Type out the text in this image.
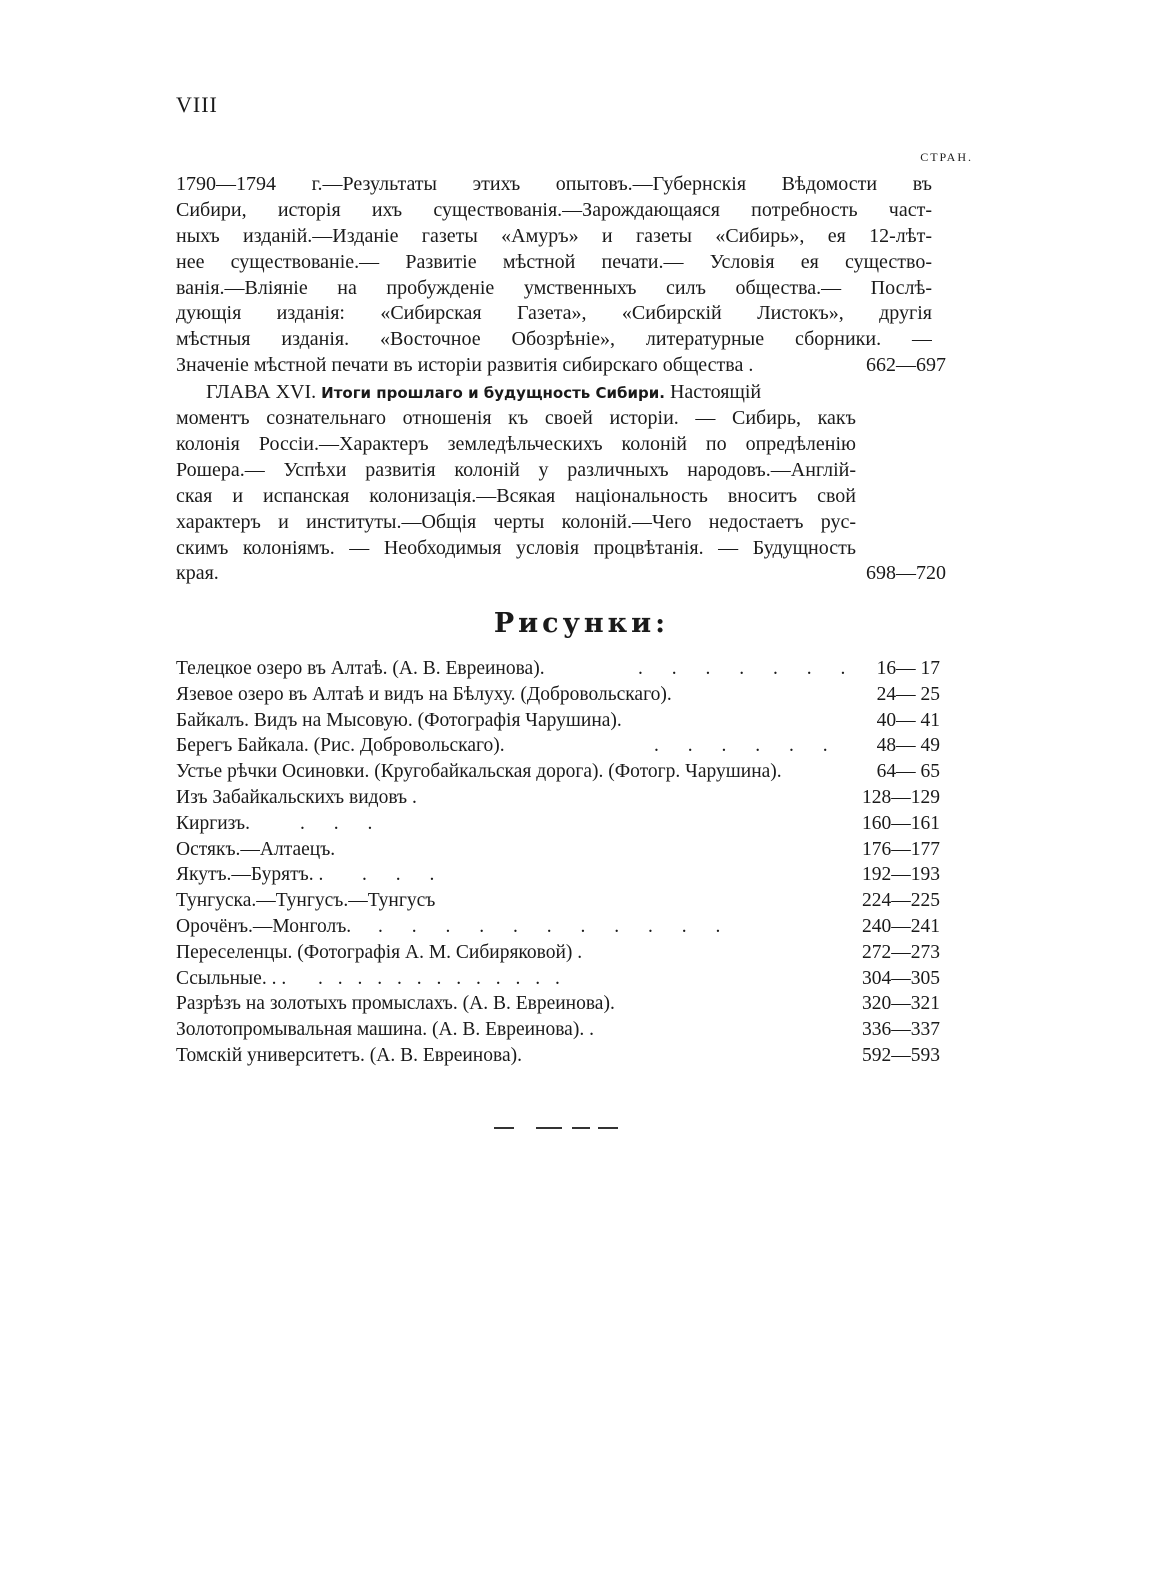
VIII
СТРАН.
1790—1794 г.—Результаты этихъ опытовъ.—Губернскія Вѣдомости въ
Сибири, исторія ихъ существованія.—Зарождающаяся потребность част-
ныхъ изданій.—Изданіе газеты «Амуръ» и газеты «Сибирь», ея 12-лѣт-
нее существованіе.— Развитіе мѣстной печати.— Условія ея существо-
ванія.—Вліяніе на пробужденіе умственныхъ силъ общества.— Послѣ-
дующія изданія: «Сибирская Газета», «Сибирскій Листокъ», другія
мѣстныя изданія. «Восточное Обозрѣніе», литературные сборники. —
Значеніе мѣстной печати въ исторіи развитія сибирскаго общества .	662—697
ГЛАВА XVI. Итоги прошлаго и будущность Сибири. Настоящій
моментъ сознательнаго отношенія къ своей исторіи. — Сибирь, какъ
колонія Россіи.—Характеръ земледѣльческихъ колоній по опредѣленію
Рошера.— Успѣхи развитія колоній у различныхъ народовъ.—Англій-
ская и испанская колонизація.—Всякая національность вноситъ свой
характеръ и институты.—Общія черты колоній.—Чего недостаетъ рус-
скимъ колоніямъ. — Необходимыя условія процвѣтанія. — Будущность
края.	698—720
Рисунки:
Телецкое озеро въ Алтаѣ. (А. В. Евреинова).	. . . . . . . 16— 17
Язевое озеро въ Алтаѣ и видъ на Бѣлуху. (Добровольскаго).	24— 25
Байкалъ. Видъ на Мысовую. (Фотографія Чарушина).	40— 41
Берегъ Байкала. (Рис. Добровольскаго).	. . . . . . 48— 49
Устье рѣчки Осиновки. (Кругобайкальская дорога). (Фотогр. Чарушина).	64— 65
Изъ Забайкальскихъ видовъ .	128—129
Киргизъ.	. . .	160—161
Остякъ.—Алтаецъ.	176—177
Якутъ.—Бурятъ. . . . .	192—193
Тунгуска.—Тунгусъ.—Тунгусъ	224—225
Орочёнъ.—Монголъ. . . . . . . . . . . .	240—241
Переселенцы. (Фотографія А. М. Сибиряковой) .	272—273
Ссыльные. . . . . . . . . . . . . . . .	304—305
Разрѣзъ на золотыхъ промыслахъ. (А. В. Евреинова).	320—321
Золотопромывальная машина. (А. В. Евреинова). .	336—337
Томскій университетъ. (А. В. Евреинова).	592—593
